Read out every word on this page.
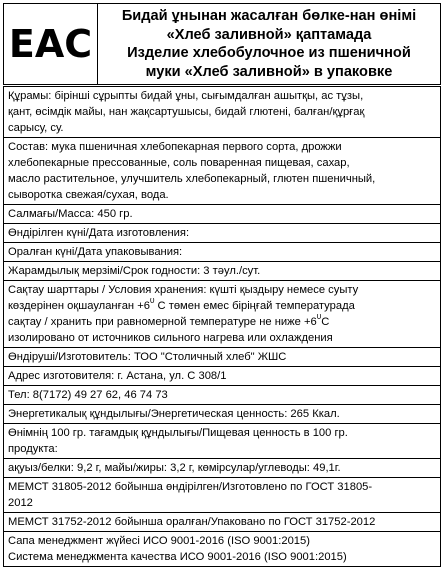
EAC
Бидай ұнынан жасалған бөлке-нан өнімі
«Хлеб заливной» қаптамада
Изделие хлебобулочное из пшеничной
муки «Хлеб заливной» в упаковке
Құрамы: бірінші сұрыпты бидай ұны, сығымдалған ашытқы, ас тұзы,
қант, өсімдік майы, нан жақсартушысы, бидай глютені, балған/құрғақ
сарысу, су.
Состав: мука пшеничная хлебопекарная первого сорта, дрожжи
хлебопекарные прессованные, соль поваренная пищевая, сахар,
масло растительное, улучшитель хлебопекарный, глютен пшеничный,
сыворотка свежая/сухая, вода.
Салмағы/Масса: 450 гр.
Өндірілген күні/Дата изготовления:
Оралған күні/Дата упаковывания:
Жарамдылық мерзімі/Срок годности: 3 тәул./сут.
Сақтау шарттары / Условия хранения: күшті қыздыру немесе суыту
көздерінен оқшауланған $+6^0$ С төмен емес біріңғай температурада
сақтау / хранить при равномерной температуре не ниже $+6^0С$
изолировано от источников сильного нагрева или охлаждения
Өндіруші/Изготовитель: ТОО "Столичный хлеб" ЖШС
Адрес изготовителя: г. Астана, ул. С 308/1
Тел: 8(7172) 49 27 62, 46 74 73
Энергетикалық құндылығы/Энергетическая ценность: 265 Ккал.
Өнімнің 100 гр. тағамдық құндылығы/Пищевая ценность в 100 гр.
продукта:
ақуыз/белки: 9,2 г, майы/жиры: 3,2 г, көмірсулар/углеводы: 49,1г.
МЕМСТ 31805-2012 бойынша өндірілген/Изготовлено по ГОСТ 31805-
2012
МЕМСТ 31752-2012 бойынша оралған/Упаковано по ГОСТ 31752-2012
Сапа менеджмент жүйесі ИСО 9001-2016 (ISO 9001:2015)
Система менеджмента качества ИСО 9001-2016 (ISO 9001:2015)
